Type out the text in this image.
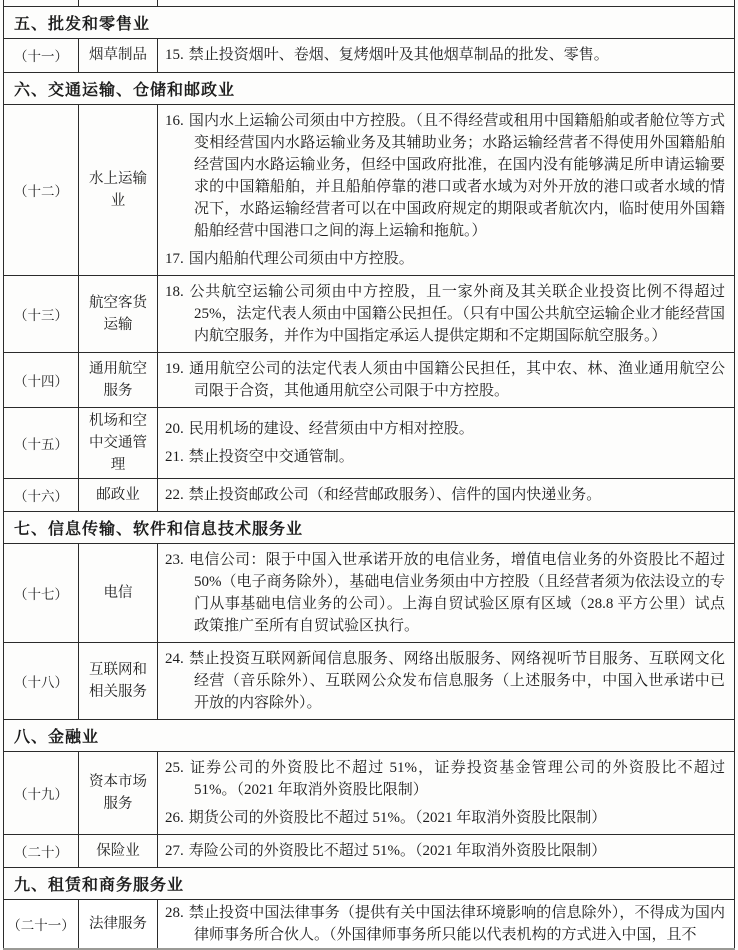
五、批发和零售业		
（十一）	烟草制品	15. 禁止投资烟叶、卷烟、复烤烟叶及其他烟草制品的批发、零售。

六、交通运输、仓储和邮政业		
（十二）	水上运输业	16. 国内水上运输公司须由中方控股。（且不得经营或租用中国籍船舶或者舱位等方式变相经营国内水路运输业务及其辅助业务；水路运输经营者不得使用外国籍船舶经营国内水路运输业务，但经中国政府批准，在国内没有能够满足所申请运输要求的中国籍船舶，并且船舶停靠的港口或者水域为对外开放的港口或者水域的情况下，水路运输经营者可以在中国政府规定的期限或者航次内，临时使用外国籍船舶经营中国港口之间的海上运输和拖航。）
17. 国内船舶代理公司须由中方控股。

（十三）	航空客货运输	18. 公共航空运输公司须由中方控股，且一家外商及其关联企业投资比例不得超过25%，法定代表人须由中国籍公民担任。（只有中国公共航空运输企业才能经营国内航空服务，并作为中国指定承运人提供定期和不定期国际航空服务。）

（十四）	通用航空服务	19. 通用航空公司的法定代表人须由中国籍公民担任，其中农、林、渔业通用航空公司限于合资，其他通用航空公司限于中方控股。

（十五）	机场和空中交通管理	20. 民用机场的建设、经营须由中方相对控股。
21. 禁止投资空中交通管制。

（十六）	邮政业	22. 禁止投资邮政公司（和经营邮政服务）、信件的国内快递业务。

七、信息传输、软件和信息技术服务业		
（十七）	电信	23. 电信公司：限于中国入世承诺开放的电信业务，增值电信业务的外资股比不超过50%（电子商务除外），基础电信业务须由中方控股（且经营者须为依法设立的专门从事基础电信业务的公司）。上海自贸试验区原有区域（28.8 平方公里）试点政策推广至所有自贸试验区执行。

（十八）	互联网和相关服务	24. 禁止投资互联网新闻信息服务、网络出版服务、网络视听节目服务、互联网文化经营（音乐除外）、互联网公众发布信息服务（上述服务中，中国入世承诺中已开放的内容除外）。

八、金融业		
（十九）	资本市场服务	25. 证券公司的外资股比不超过 51%，证券投资基金管理公司的外资股比不超过51%。（2021 年取消外资股比限制）
26. 期货公司的外资股比不超过 51%。（2021 年取消外资股比限制）

（二十）	保险业	27. 寿险公司的外资股比不超过 51%。（2021 年取消外资股比限制）

九、租赁和商务服务业		
（二十一）	法律服务	28. 禁止投资中国法律事务（提供有关中国法律环境影响的信息除外），不得成为国内律师事务所合伙人。（外国律师事务所只能以代表机构的方式进入中国，且不
